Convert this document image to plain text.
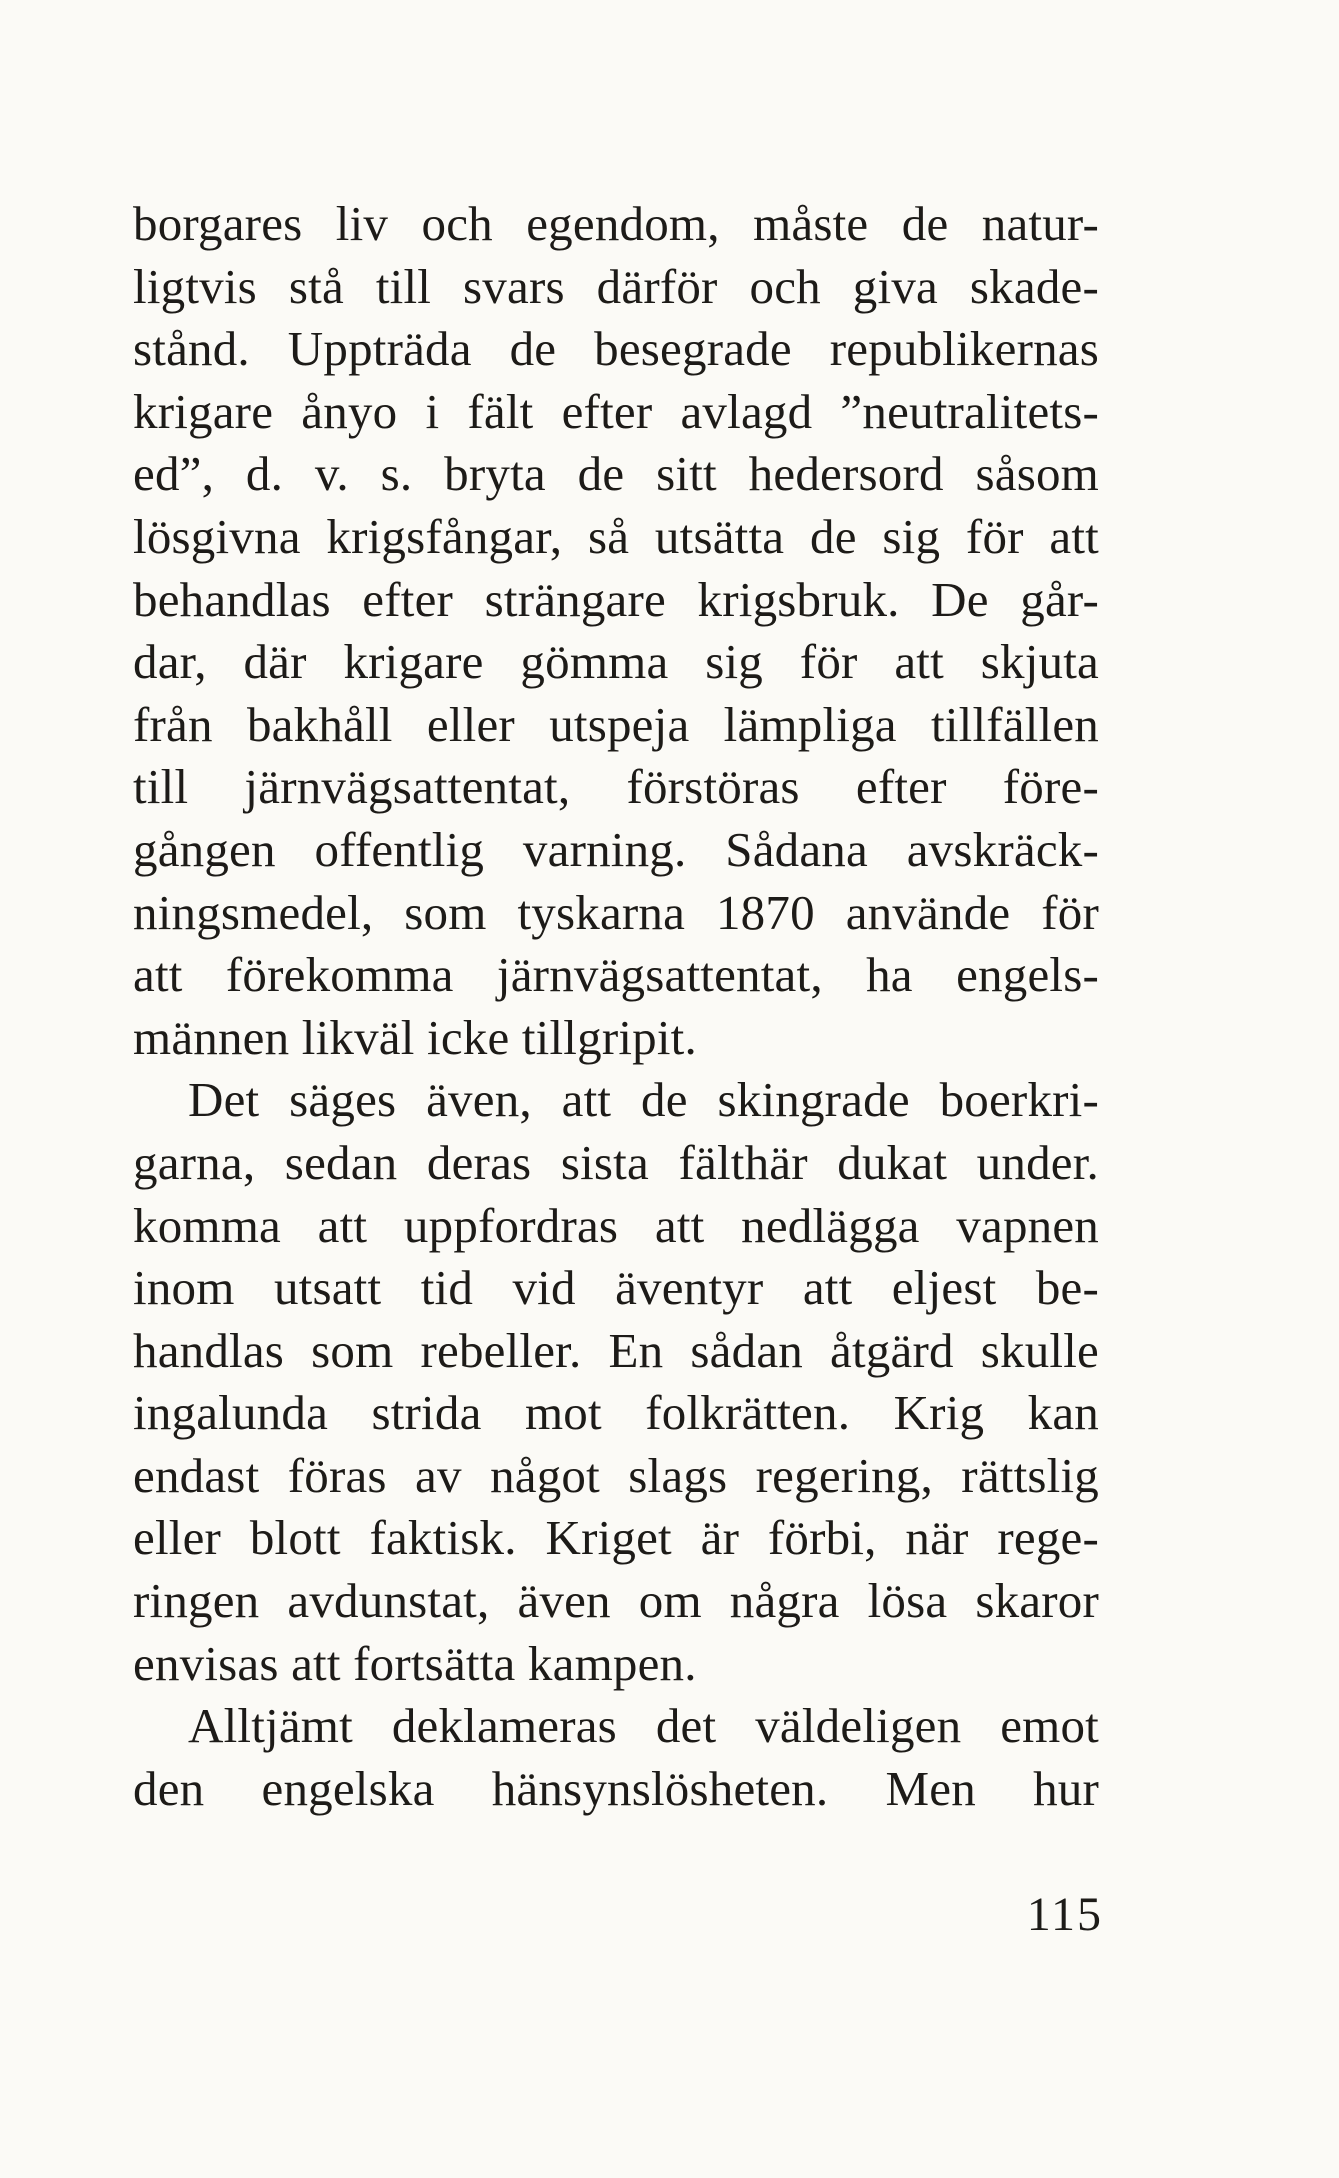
borgares liv och egendom, måste de natur-
ligtvis stå till svars därför och giva skade-
stånd. Uppträda de besegrade republikernas
krigare ånyo i fält efter avlagd ”neutralitets-
ed”, d. v. s. bryta de sitt hedersord såsom
lösgivna krigsfångar, så utsätta de sig för att
behandlas efter strängare krigsbruk. De går-
dar, där krigare gömma sig för att skjuta
från bakhåll eller utspeja lämpliga tillfällen
till järnvägsattentat, förstöras efter före-
gången offentlig varning. Sådana avskräck-
ningsmedel, som tyskarna 1870 använde för
att förekomma järnvägsattentat, ha engels-
männen likväl icke tillgripit.
Det säges även, att de skingrade boerkri-
garna, sedan deras sista fälthär dukat under.
komma att uppfordras att nedlägga vapnen
inom utsatt tid vid äventyr att eljest be-
handlas som rebeller. En sådan åtgärd skulle
ingalunda strida mot folkrätten. Krig kan
endast föras av något slags regering, rättslig
eller blott faktisk. Kriget är förbi, när rege-
ringen avdunstat, även om några lösa skaror
envisas att fortsätta kampen.
Alltjämt deklameras det väldeligen emot
den engelska hänsynslösheten. Men hur
115
